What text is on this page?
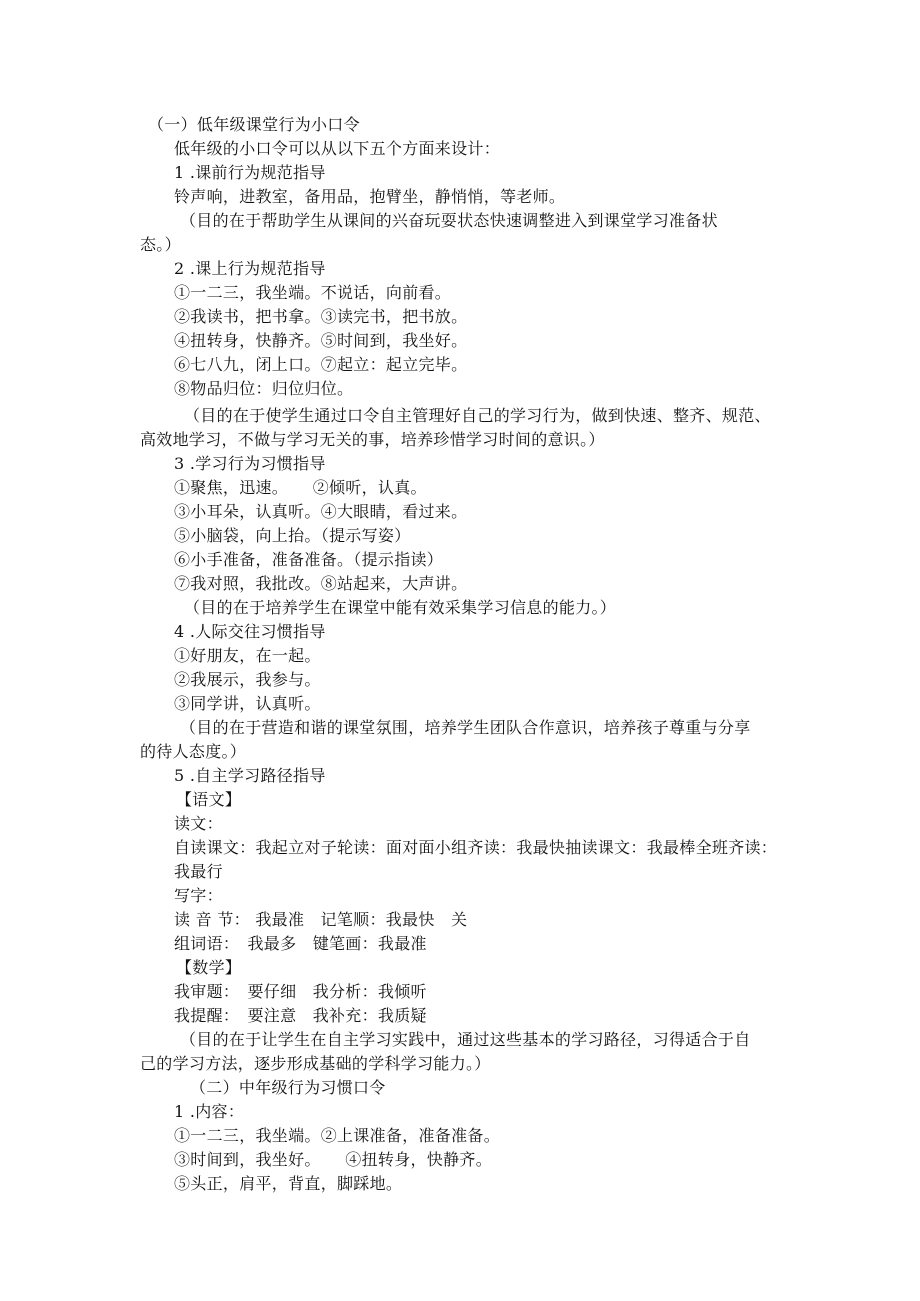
（一）低年级课堂行为小口令
低年级的小口令可以从以下五个方面来设计：
1 .课前行为规范指导
铃声响，进教室，备用品，抱臂坐，静悄悄，等老师。
（目的在于帮助学生从课间的兴奋玩耍状态快速调整进入到课堂学习准备状
态。）
2 .课上行为规范指导
①一二三，我坐端。不说话，向前看。
②我读书，把书拿。③读完书，把书放。
④扭转身，快静齐。⑤时间到，我坐好。
⑥七八九，闭上口。⑦起立：起立完毕。
⑧物品归位：归位归位。
（目的在于使学生通过口令自主管理好自己的学习行为，做到快速、整齐、规范、
高效地学习，不做与学习无关的事，培养珍惜学习时间的意识。）
3 .学习行为习惯指导
①聚焦，迅速。　　②倾听，认真。
③小耳朵，认真听。④大眼睛，看过来。
⑤小脑袋，向上抬。（提示写姿）
⑥小手准备，准备准备。（提示指读）
⑦我对照，我批改。⑧站起来，大声讲。
（目的在于培养学生在课堂中能有效采集学习信息的能力。）
4 .人际交往习惯指导
①好朋友，在一起。
②我展示，我参与。
③同学讲，认真听。
（目的在于营造和谐的课堂氛围，培养学生团队合作意识，培养孩子尊重与分享
的待人态度。）
5 .自主学习路径指导
【语文】
读文：
自读课文：我起立对子轮读：面对面小组齐读：我最快抽读课文：我最棒全班齐读：
我最行
写字：
读 音 节： 我最准　记笔顺：我最快　关
组词语：　我最多　键笔画：我最准
【数学】
我审题：　要仔细　我分析：我倾听
我提醒：　要注意　我补充：我质疑
（目的在于让学生在自主学习实践中，通过这些基本的学习路径，习得适合于自
己的学习方法，逐步形成基础的学科学习能力。）
（二）中年级行为习惯口令
1 .内容：
①一二三，我坐端。②上课准备，准备准备。
③时间到，我坐好。　　④扭转身，快静齐。
⑤头正，肩平，背直，脚踩地。
